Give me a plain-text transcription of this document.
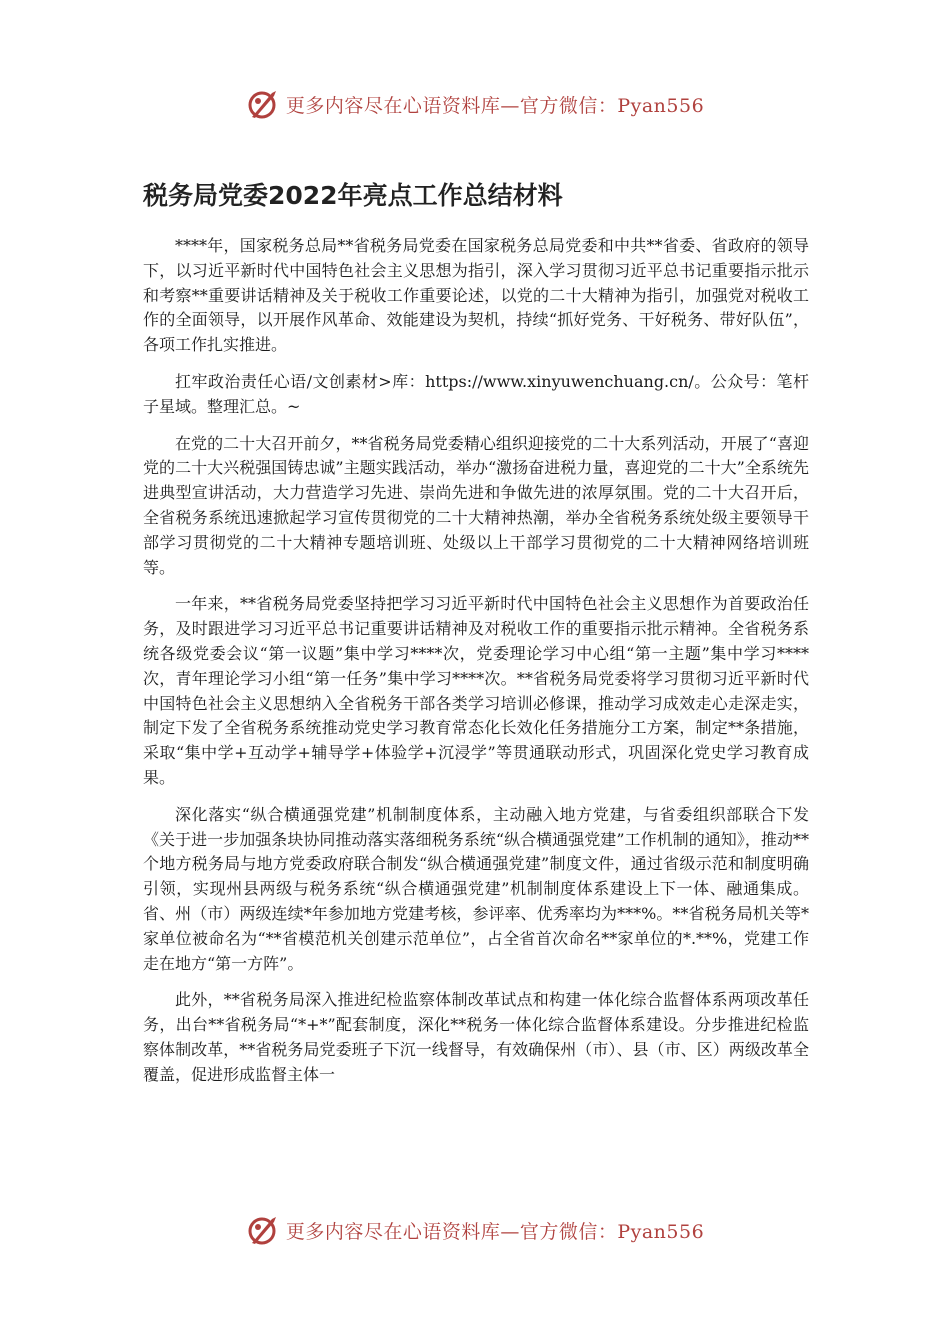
更多内容尽在心语资料库—官方微信：Pyan556
税务局党委2022年亮点工作总结材料

****年，国家税务总局**省税务局党委在国家税务总局党委和中共**省委、省政府的领导下，以习近平新时代中国特色社会主义思想为指引，深入学习贯彻习近平总书记重要指示批示和考察**重要讲话精神及关于税收工作重要论述，以党的二十大精神为指引，加强党对税收工作的全面领导，以开展作风革命、效能建设为契机，持续“抓好党务、干好税务、带好队伍”，各项工作扎实推进。

扛牢政治责任心语/文创素材>库：https://www.xinyuwenchuang.cn/。公众号：笔杆子星域。整理汇总。~

在党的二十大召开前夕，**省税务局党委精心组织迎接党的二十大系列活动，开展了“喜迎党的二十大兴税强国铸忠诚”主题实践活动，举办“激扬奋进税力量，喜迎党的二十大”全系统先进典型宣讲活动，大力营造学习先进、崇尚先进和争做先进的浓厚氛围。党的二十大召开后，全省税务系统迅速掀起学习宣传贯彻党的二十大精神热潮，举办全省税务系统处级主要领导干部学习贯彻党的二十大精神专题培训班、处级以上干部学习贯彻党的二十大精神网络培训班等。

一年来，**省税务局党委坚持把学习习近平新时代中国特色社会主义思想作为首要政治任务，及时跟进学习习近平总书记重要讲话精神及对税收工作的重要指示批示精神。全省税务系统各级党委会议“第一议题”集中学习****次，党委理论学习中心组“第一主题”集中学习****次，青年理论学习小组“第一任务”集中学习****次。**省税务局党委将学习贯彻习近平新时代中国特色社会主义思想纳入全省税务干部各类学习培训必修课，推动学习成效走心走深走实，制定下发了全省税务系统推动党史学习教育常态化长效化任务措施分工方案，制定**条措施，采取“集中学+互动学+辅导学+体验学+沉浸学”等贯通联动形式，巩固深化党史学习教育成果。

深化落实“纵合横通强党建”机制制度体系，主动融入地方党建，与省委组织部联合下发《关于进一步加强条块协同推动落实落细税务系统“纵合横通强党建”工作机制的通知》，推动**个地方税务局与地方党委政府联合制发“纵合横通强党建”制度文件，通过省级示范和制度明确引领，实现州县两级与税务系统“纵合横通强党建”机制制度体系建设上下一体、融通集成。省、州（市）两级连续*年参加地方党建考核，参评率、优秀率均为***%。**省税务局机关等*家单位被命名为“**省模范机关创建示范单位”，占全省首次命名**家单位的*.**%，党建工作走在地方“第一方阵”。

此外，**省税务局深入推进纪检监察体制改革试点和构建一体化综合监督体系两项改革任务，出台**省税务局“*+*”配套制度，深化**税务一体化综合监督体系建设。分步推进纪检监察体制改革，**省税务局党委班子下沉一线督导，有效确保州（市）、县（市、区）两级改革全覆盖，促进形成监督主体一

更多内容尽在心语资料库—官方微信：Pyan556
